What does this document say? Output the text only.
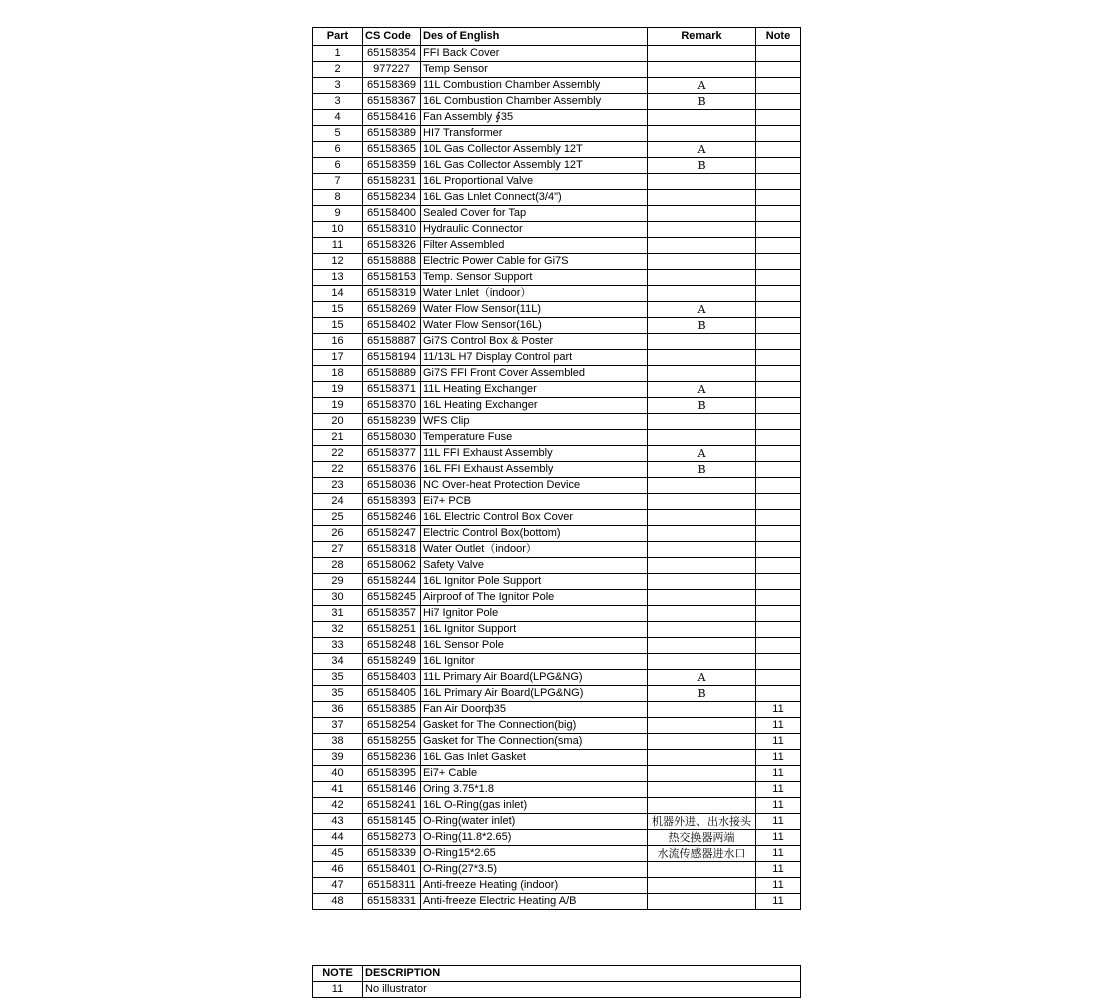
Part	CS Code	Des of English	Remark	Note
1	65158354	FFI Back Cover		
2	977227	Temp Sensor		
3	65158369	11L Combustion Chamber Assembly	A	
3	65158367	16L Combustion Chamber Assembly	B	
4	65158416	Fan Assembly ∮35		
5	65158389	HI7 Transformer		
6	65158365	10L Gas Collector Assembly 12T	A	
6	65158359	16L Gas Collector Assembly 12T	B	
7	65158231	16L Proportional Valve		
8	65158234	16L Gas Lnlet Connect(3/4")		
9	65158400	Sealed Cover for Tap		
10	65158310	Hydraulic Connector		
11	65158326	Filter Assembled		
12	65158888	Electric Power Cable for Gi7S		
13	65158153	Temp. Sensor Support		
14	65158319	Water Lnlet（indoor）		
15	65158269	Water Flow Sensor(11L)	A	
15	65158402	Water Flow Sensor(16L)	B	
16	65158887	Gi7S Control Box & Poster		
17	65158194	11/13L H7 Display Control part		
18	65158889	Gi7S FFI Front Cover Assembled		
19	65158371	11L Heating Exchanger	A	
19	65158370	16L Heating Exchanger	B	
20	65158239	WFS Clip		
21	65158030	Temperature Fuse		
22	65158377	11L FFI Exhaust Assembly	A	
22	65158376	16L FFI Exhaust Assembly	B	
23	65158036	NC Over-heat Protection Device		
24	65158393	Ei7+ PCB		
25	65158246	16L Electric Control Box Cover		
26	65158247	Electric Control Box(bottom)		
27	65158318	Water Outlet（indoor）		
28	65158062	Safety Valve		
29	65158244	16L Ignitor Pole Support		
30	65158245	Airproof of The Ignitor Pole		
31	65158357	Hi7 Ignitor Pole		
32	65158251	16L Ignitor Support		
33	65158248	16L Sensor Pole		
34	65158249	16L Ignitor		
35	65158403	11L Primary Air Board(LPG&NG)	A	
35	65158405	16L Primary Air Board(LPG&NG)	B	
36	65158385	Fan Air Doorф35		11
37	65158254	Gasket for The Connection(big)		11
38	65158255	Gasket for The Connection(sma)		11
39	65158236	16L Gas Inlet Gasket		11
40	65158395	Ei7+ Cable		11
41	65158146	Oring 3.75*1.8		11
42	65158241	16L O-Ring(gas inlet)		11
43	65158145	O-Ring(water inlet)	机器外进、出水接头	11
44	65158273	O-Ring(11.8*2.65)	热交换器两端	11
45	65158339	O-Ring15*2.65	水流传感器进水口	11
46	65158401	O-Ring(27*3.5)		11
47	65158311	Anti-freeze Heating (indoor)		11
48	65158331	Anti-freeze Electric Heating A/B		11
NOTE	DESCRIPTION
11	No illustrator
